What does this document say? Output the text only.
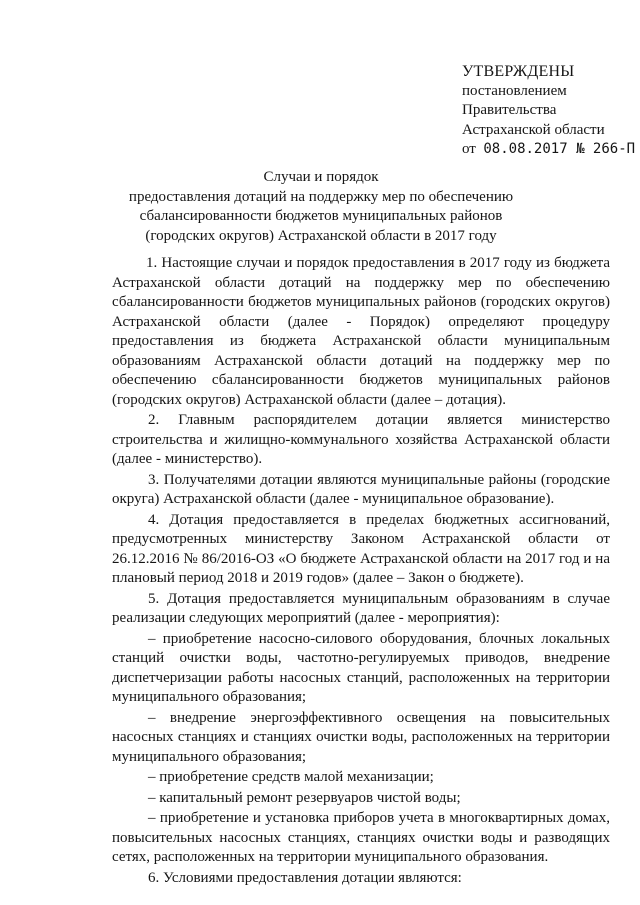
УТВЕРЖДЕНЫ
постановлением
Правительства
Астраханской области
от 08.08.2017 № 266-П
Случаи и порядок
предоставления дотаций на поддержку мер по обеспечению сбалансированности бюджетов муниципальных районов (городских округов) Астраханской области в 2017 году

1. Настоящие случаи и порядок предоставления в 2017 году из бюджета Астраханской области дотаций на поддержку мер по обеспечению сбалансированности бюджетов муниципальных районов (городских округов) Астраханской области (далее - Порядок) определяют процедуру предоставления из бюджета Астраханской области муниципальным образованиям Астраханской области дотаций на поддержку мер по обеспечению сбалансированности бюджетов муниципальных районов (городских округов) Астраханской области (далее – дотация).

2. Главным распорядителем дотации является министерство строительства и жилищно-коммунального хозяйства Астраханской области (далее - министерство).

3. Получателями дотации являются муниципальные районы (городские округа) Астраханской области (далее - муниципальное образование).

4. Дотация предоставляется в пределах бюджетных ассигнований, предусмотренных министерству Законом Астраханской области от 26.12.2016 № 86/2016-ОЗ «О бюджете Астраханской области на 2017 год и на плановый период 2018 и 2019 годов» (далее – Закон о бюджете).

5. Дотация предоставляется муниципальным образованиям в случае реализации следующих мероприятий (далее - мероприятия):

– приобретение насосно-силового оборудования, блочных локальных станций очистки воды, частотно-регулируемых приводов, внедрение диспетчеризации работы насосных станций, расположенных на территории муниципального образования;

– внедрение энергоэффективного освещения на повысительных насосных станциях и станциях очистки воды, расположенных на территории муниципального образования;

– приобретение средств малой механизации;

– капитальный ремонт резервуаров чистой воды;

– приобретение и установка приборов учета в многоквартирных домах, повысительных насосных станциях, станциях очистки воды и разводящих сетях, расположенных на территории муниципального образования.

6. Условиями предоставления дотации являются:
